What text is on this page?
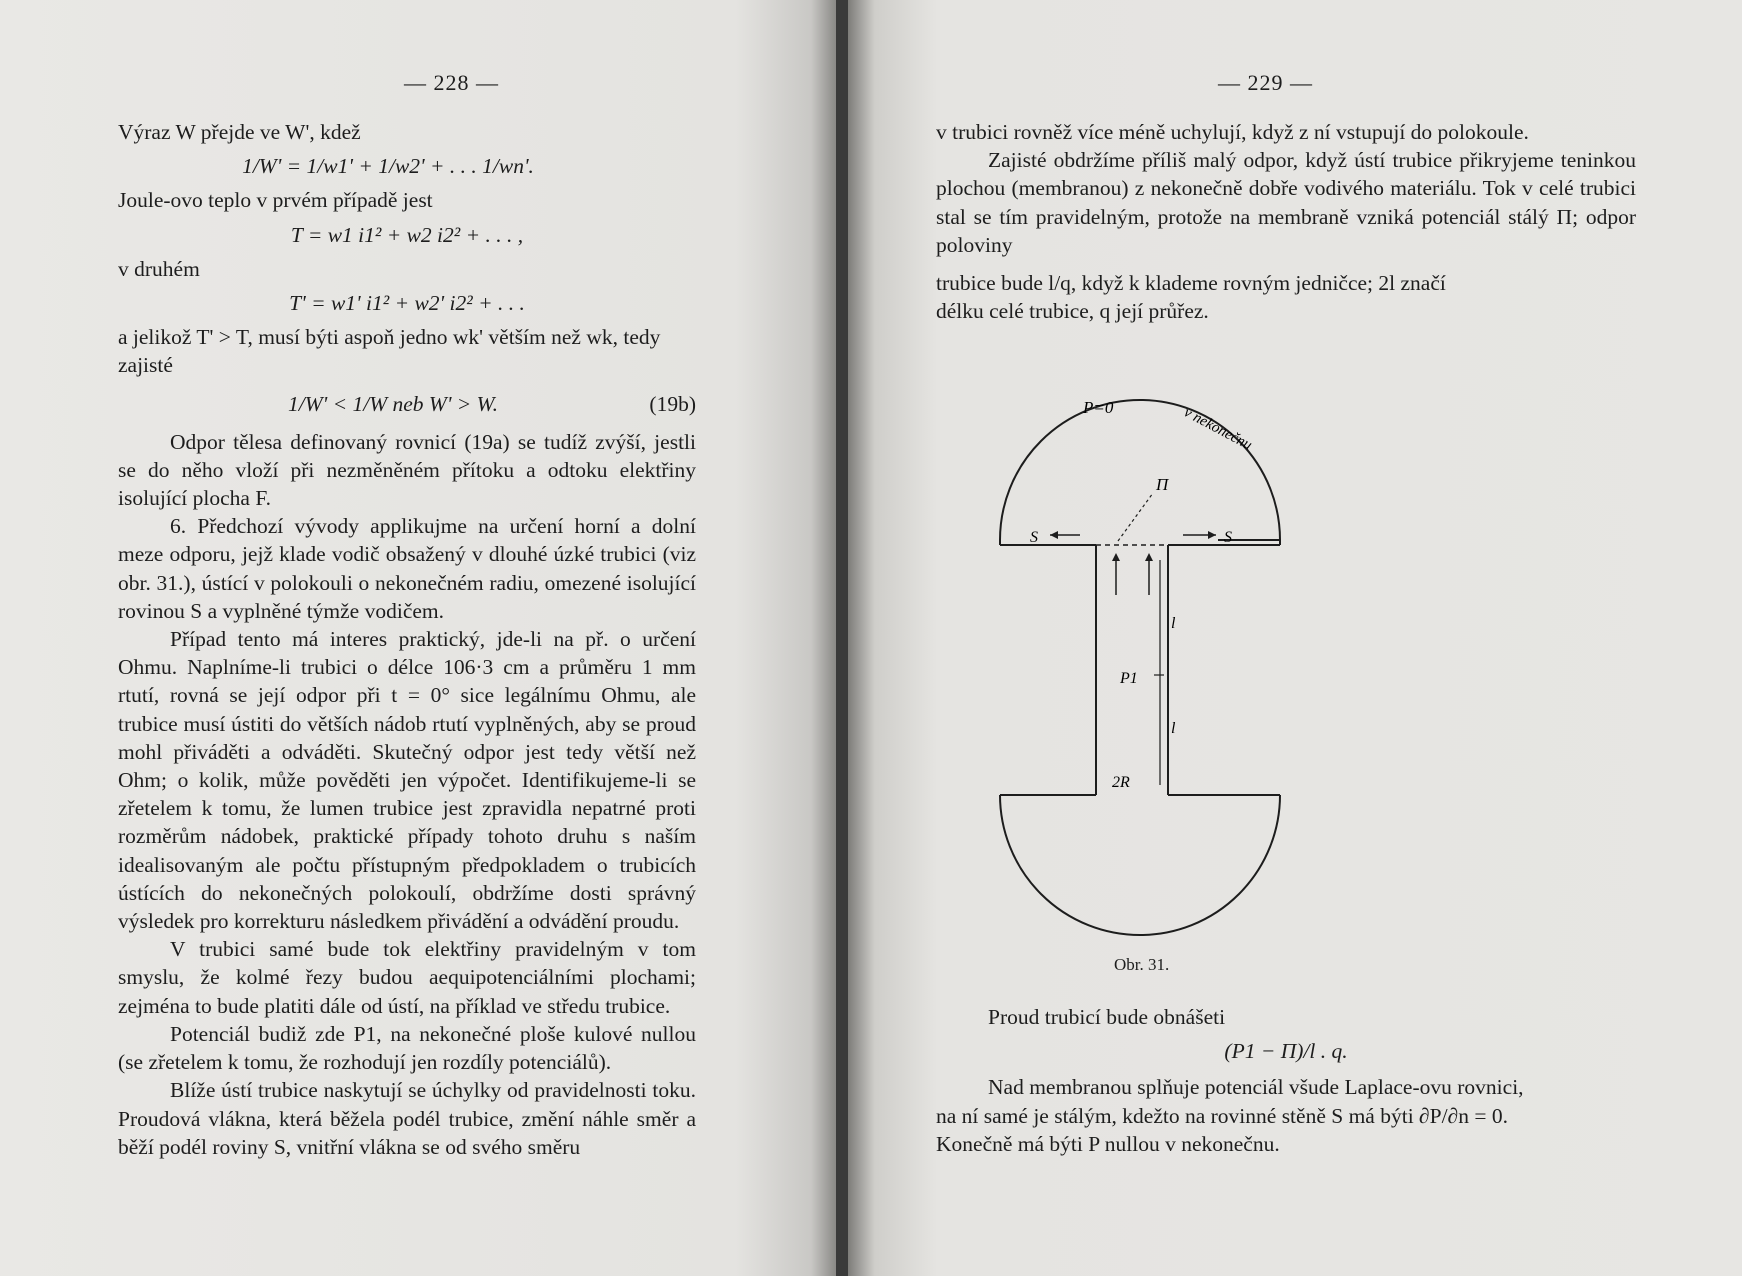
— 228 —

Výraz W přejde ve W', kdež

1/W' = 1/w1' + 1/w2' + . . . 1/wn'.

Joule-ovo teplo v prvém případě jest

T = w1 i1² + w2 i2² + . . . ,

v druhém

T' = w1' i1² + w2' i2² + . . .

a jelikož T' > T, musí býti aspoň jedno wk' větším než wk, tedy

zajisté

1/W' < 1/W neb W' > W.	(19b)

Odpor tělesa definovaný rovnicí (19a) se tudíž zvýší, jestli se do něho vloží při nezměněném přítoku a odtoku elektřiny isolující plocha F.

6. Předchozí vývody applikujme na určení horní a dolní meze odporu, jejž klade vodič obsažený v dlouhé úzké trubici (viz obr. 31.), ústící v polokouli o nekonečném radiu, omezené isolující rovinou S a vyplněné týmže vodičem.

Případ tento má interes praktický, jde-li na př. o určení Ohmu. Naplníme-li trubici o délce 106·3 cm a průměru 1 mm rtutí, rovná se její odpor při t = 0° sice legálnímu Ohmu, ale trubice musí ústiti do větších nádob rtutí vyplněných, aby se proud mohl přiváděti a odváděti. Skutečný odpor jest tedy větší než Ohm; o kolik, může pověděti jen výpočet. Identifikujeme-li se zřetelem k tomu, že lumen trubice jest zpravidla nepatrné proti rozměrům nádobek, praktické případy tohoto druhu s naším idealisovaným ale počtu přístupným předpokladem o trubicích ústících do nekonečných polokoulí, obdržíme dosti správný výsledek pro korrekturu následkem přivádění a odvádění proudu.

V trubici samé bude tok elektřiny pravidelným v tom smyslu, že kolmé řezy budou aequipotenciálními plochami; zejména to bude platiti dále od ústí, na příklad ve středu trubice.

Potenciál budiž zde P1, na nekonečné ploše kulové nullou (se zřetelem k tomu, že rozhodují jen rozdíly potenciálů).

Blíže ústí trubice naskytují se úchylky od pravidelnosti toku. Proudová vlákna, která běžela podél trubice, změní náhle směr a běží podél roviny S, vnitřní vlákna se od svého směru

— 229 —

v trubici rovněž více méně uchylují, když z ní vstupují do polokoule.

Zajisté obdržíme příliš malý odpor, když ústí trubice přikryjeme teninkou plochou (membranou) z nekonečně dobře vodivého materiálu. Tok v celé trubici stal se tím pravidelným, protože na membraně vzniká potenciál stálý Π; odpor poloviny

trubice bude l/q, když k klademe rovným jedničce; 2l značí

délku celé trubice, q její průřez.

P=0	v nekonečnu
Π
S	S
l
P1
l
2R
Obr. 31.

Proud trubicí bude obnášeti

(P1 − Π)/l . q.

Nad membranou splňuje potenciál všude Laplace-ovu rovnici,

na ní samé je stálým, kdežto na rovinné stěně S má býti ∂P/∂n = 0.

Konečně má býti P nullou v nekonečnu.
